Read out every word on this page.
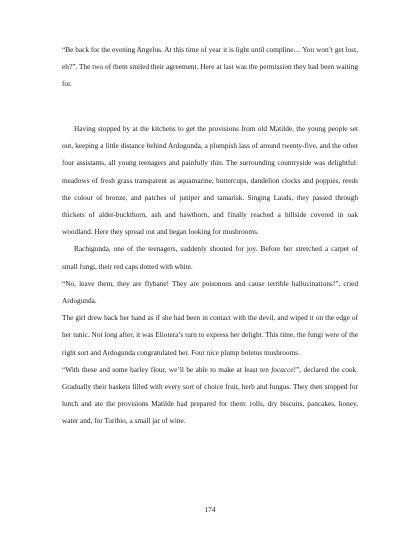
“Be back for the evening Angelus. At this time of year it is light until compline… You won’t get lost, eh?”. The two of them smiled their agreement. Here at last was the permission they had been waiting for.

Having stopped by at the kitchens to get the provisions from old Matilde, the young people set out, keeping a little distance behind Ardogunda, a plumpish lass of around twenty-five, and the other four assistants, all young teenagers and painfully thin. The surrounding countryside was delightful: meadows of fresh grass transparent as aquamarine, buttercups, dandelion clocks and poppies, reeds the colour of bronze, and patches of juniper and tamarisk. Singing Lauds, they passed through thickets of alder-buckthorn, ash and hawthorn, and finally reached a hillside covered in oak woodland. Here they spread out and began looking for mushrooms.

Rachigunda, one of the teenagers, suddenly shouted for joy. Before her stretched a carpet of small fungi, their red caps dotted with white.

“No, leave them, they are flybane! They are poisonous and cause terrible hallucinations!”, cried Ardogunda.

The girl drew back her hand as if she had been in contact with the devil, and wiped it on the edge of her tunic. Not long after, it was Eliotera’s turn to express her delight. This time, the fungi were of the right sort and Ardogunda congratulated her. Four nice plump boletus mushrooms.

“With these and some barley flour, we’ll be able to make at least ten focacce!”, declared the cook. Gradually their baskets filled with every sort of choice fruit, herb and fungus. They then stopped for lunch and ate the provisions Matilde had prepared for them: rolls, dry biscuits, pancakes, honey, water and, for Toribio, a small jar of wine.

174
